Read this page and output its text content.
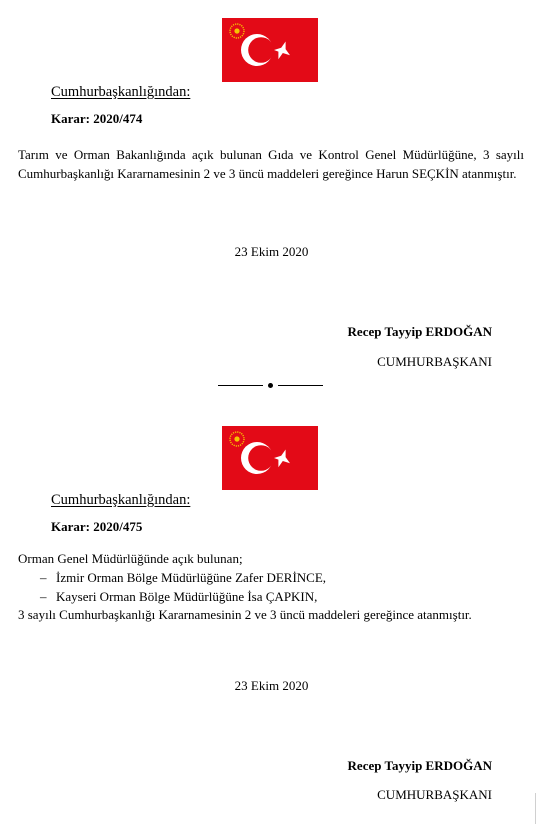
Cumhurbaşkanlığından:
Karar: 2020/474

Tarım ve Orman Bakanlığında açık bulunan Gıda ve Kontrol Genel Müdürlüğüne, 3 sayılı Cumhurbaşkanlığı Kararnamesinin 2 ve 3 üncü maddeleri gereğince Harun SEÇKİN atanmıştır.

23 Ekim 2020
Recep Tayyip ERDOĞAN
CUMHURBAŞKANI
Cumhurbaşkanlığından:
Karar: 2020/475
Orman Genel Müdürlüğünde açık bulunan;
– İzmir Orman Bölge Müdürlüğüne Zafer DERİNCE,
– Kayseri Orman Bölge Müdürlüğüne İsa ÇAPKIN,
3 sayılı Cumhurbaşkanlığı Kararnamesinin 2 ve 3 üncü maddeleri gereğince atanmıştır.
23 Ekim 2020
Recep Tayyip ERDOĞAN
CUMHURBAŞKANI
